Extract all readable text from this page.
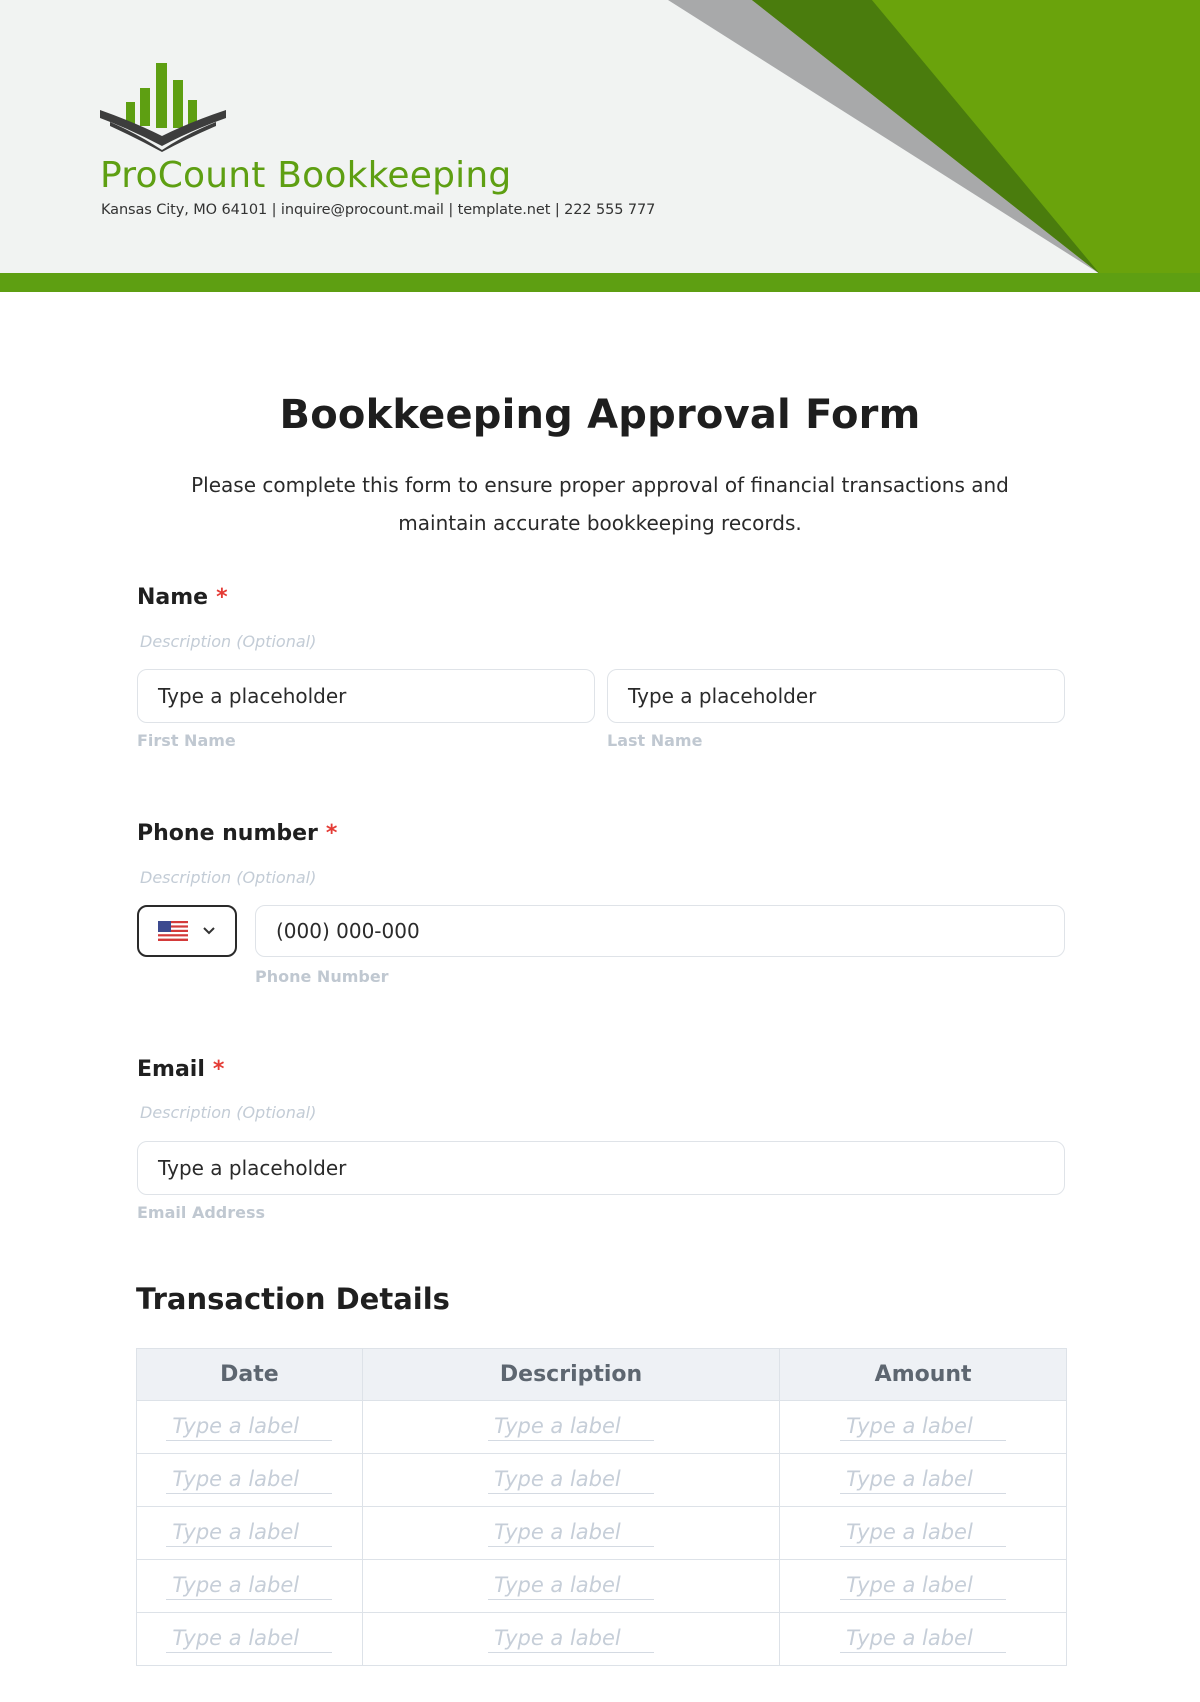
ProCount Bookkeeping
Kansas City, MO 64101 | inquire@procount.mail | template.net | 222 555 777
Bookkeeping Approval Form
Please complete this form to ensure proper approval of financial transactions and
maintain accurate bookkeeping records.
Name *
Description (Optional)
Type a placeholder	Type a placeholder
First Name	Last Name
Phone number *
Description (Optional)
(000) 000-000
Phone Number
Email *
Description (Optional)
Type a placeholder
Email Address
Transaction Details
Date	Description	Amount
Type a label	Type a label	Type a label
Type a label	Type a label	Type a label
Type a label	Type a label	Type a label
Type a label	Type a label	Type a label
Type a label	Type a label	Type a label
